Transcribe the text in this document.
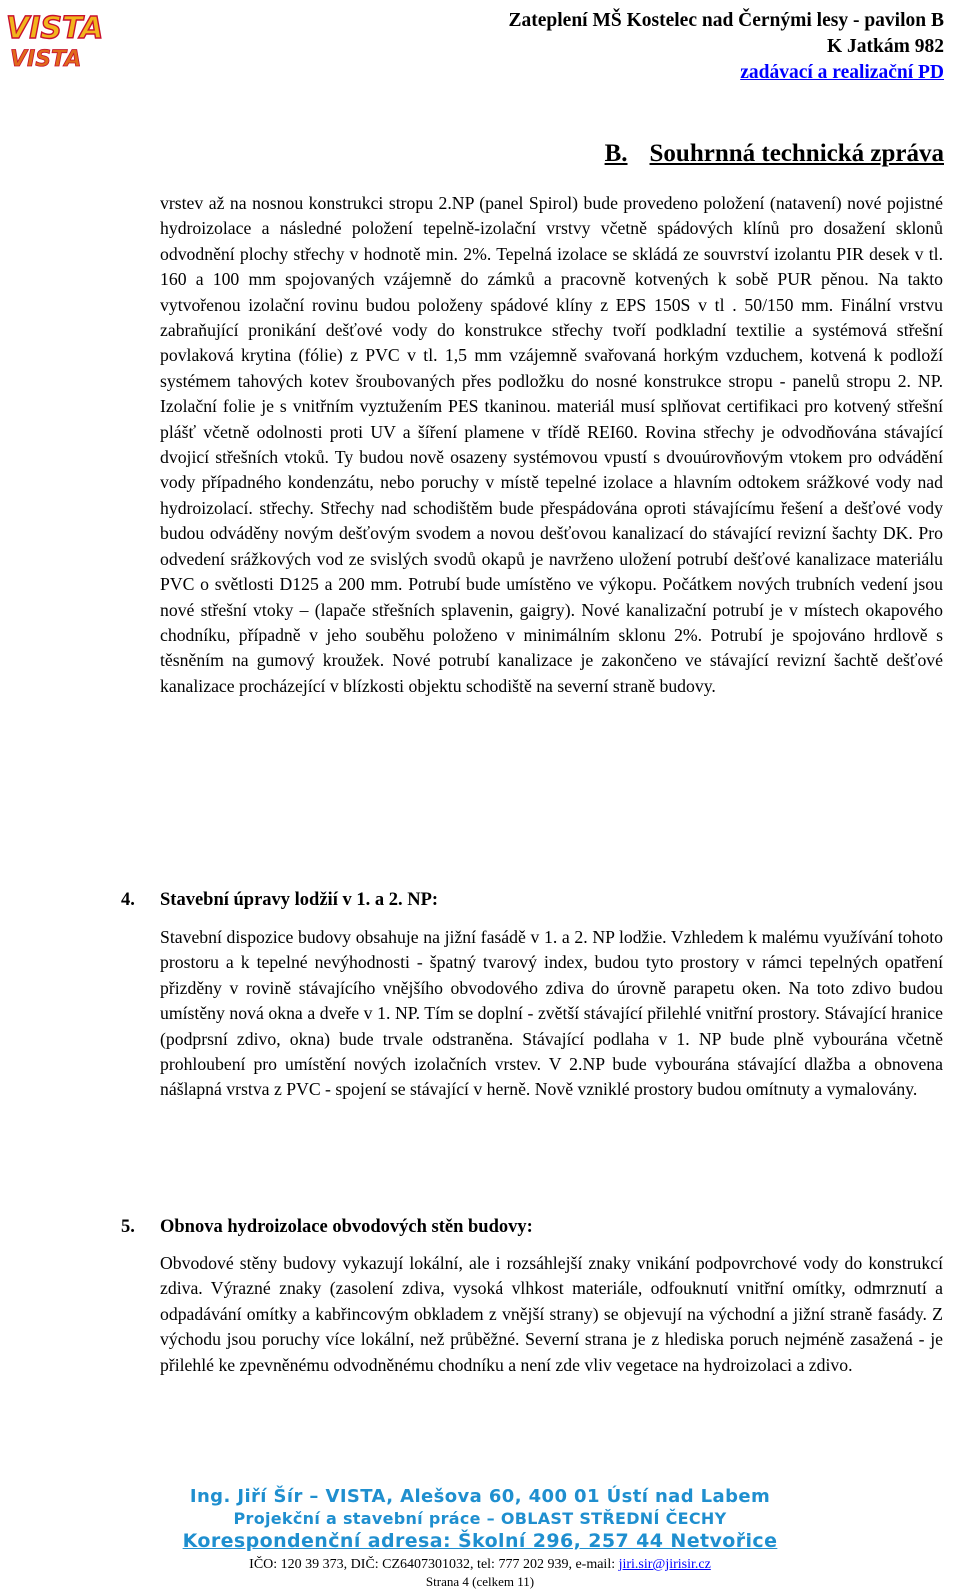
VISTA
VISTA
Zateplení MŠ Kostelec nad Černými lesy - pavilon B
K Jatkám 982
zadávací a realizační PD
B. Souhrnná technická zpráva
vrstev až na nosnou konstrukci stropu 2.NP (panel Spirol) bude provedeno položení (natavení) nové pojistné hydroizolace a následné položení tepelně-izolační vrstvy včetně spádových klínů pro dosažení sklonů odvodnění plochy střechy v hodnotě min. 2%. Tepelná izolace se skládá ze souvrství izolantu PIR desek v tl. 160 a 100 mm spojovaných vzájemně do zámků a pracovně kotvených k sobě PUR pěnou. Na takto vytvořenou izolační rovinu budou položeny spádové klíny z EPS 150S v tl . 50/150 mm. Finální vrstvu zabraňující pronikání dešťové vody do konstrukce střechy tvoří podkladní textilie a systémová střešní povlaková krytina (fólie) z PVC v tl. 1,5 mm vzájemně svařovaná horkým vzduchem, kotvená k podloží systémem tahových kotev šroubovaných přes podložku do nosné konstrukce stropu - panelů stropu 2. NP. Izolační folie je s vnitřním vyztužením PES tkaninou. materiál musí splňovat certifikaci pro kotvený střešní plášť včetně odolnosti proti UV a šíření plamene v třídě REI60. Rovina střechy je odvodňována stávající dvojicí střešních vtoků. Ty budou nově osazeny systémovou vpustí s dvouúrovňovým vtokem pro odvádění vody případného kondenzátu, nebo poruchy v místě tepelné izolace a hlavním odtokem srážkové vody nad hydroizolací. střechy. Střechy nad schodištěm bude přespádována oproti stávajícímu řešení a dešťové vody budou odváděny novým dešťovým svodem a novou dešťovou kanalizací do stávající revizní šachty DK. Pro odvedení srážkových vod ze svislých svodů okapů je navrženo uložení potrubí dešťové kanalizace materiálu PVC o světlosti D125 a 200 mm. Potrubí bude umístěno ve výkopu. Počátkem nových trubních vedení jsou nové střešní vtoky – (lapače střešních splavenin, gaigry). Nové kanalizační potrubí je v místech okapového chodníku, případně v jeho souběhu položeno v minimálním sklonu 2%. Potrubí je spojováno hrdlově s těsněním na gumový kroužek. Nové potrubí kanalizace je zakončeno ve stávající revizní šachtě dešťové kanalizace procházející v blízkosti objektu schodiště na severní straně budovy.
4. Stavební úpravy lodžií v 1. a 2. NP:
Stavební dispozice budovy obsahuje na jižní fasádě v 1. a 2. NP lodžie. Vzhledem k malému využívání tohoto prostoru a k tepelné nevýhodnosti - špatný tvarový index, budou tyto prostory v rámci tepelných opatření přizděny v rovině stávajícího vnějšího obvodového zdiva do úrovně parapetu oken. Na toto zdivo budou umístěny nová okna a dveře v 1. NP. Tím se doplní - zvětší stávající přilehlé vnitřní prostory. Stávající hranice (podprsní zdivo, okna) bude trvale odstraněna. Stávající podlaha v 1. NP bude plně vybourána včetně prohloubení pro umístění nových izolačních vrstev. V 2.NP bude vybourána stávající dlažba a obnovena nášlapná vrstva z PVC - spojení se stávající v herně. Nově vzniklé prostory budou omítnuty a vymalovány.
5. Obnova hydroizolace obvodových stěn budovy:
Obvodové stěny budovy vykazují lokální, ale i rozsáhlejší znaky vnikání podpovrchové vody do konstrukcí zdiva. Výrazné znaky (zasolení zdiva, vysoká vlhkost materiále, odfouknutí vnitřní omítky, odmrznutí a odpadávání omítky a kabřincovým obkladem z vnější strany) se objevují na východní a jižní straně fasády. Z východu jsou poruchy více lokální, než průběžné. Severní strana je z hlediska poruch nejméně zasažená - je přilehlé ke zpevněnému odvodněnému chodníku a není zde vliv vegetace na hydroizolaci a zdivo.
Ing. Jiří Šír – VISTA, Alešova 60, 400 01 Ústí nad Labem
Projekční a stavební práce – OBLAST STŘEDNÍ ČECHY
Korespondenční adresa: Školní 296, 257 44 Netvořice
IČO: 120 39 373, DIČ: CZ6407301032, tel: 777 202 939, e-mail: jiri.sir@jirisir.cz
Strana 4 (celkem 11)
